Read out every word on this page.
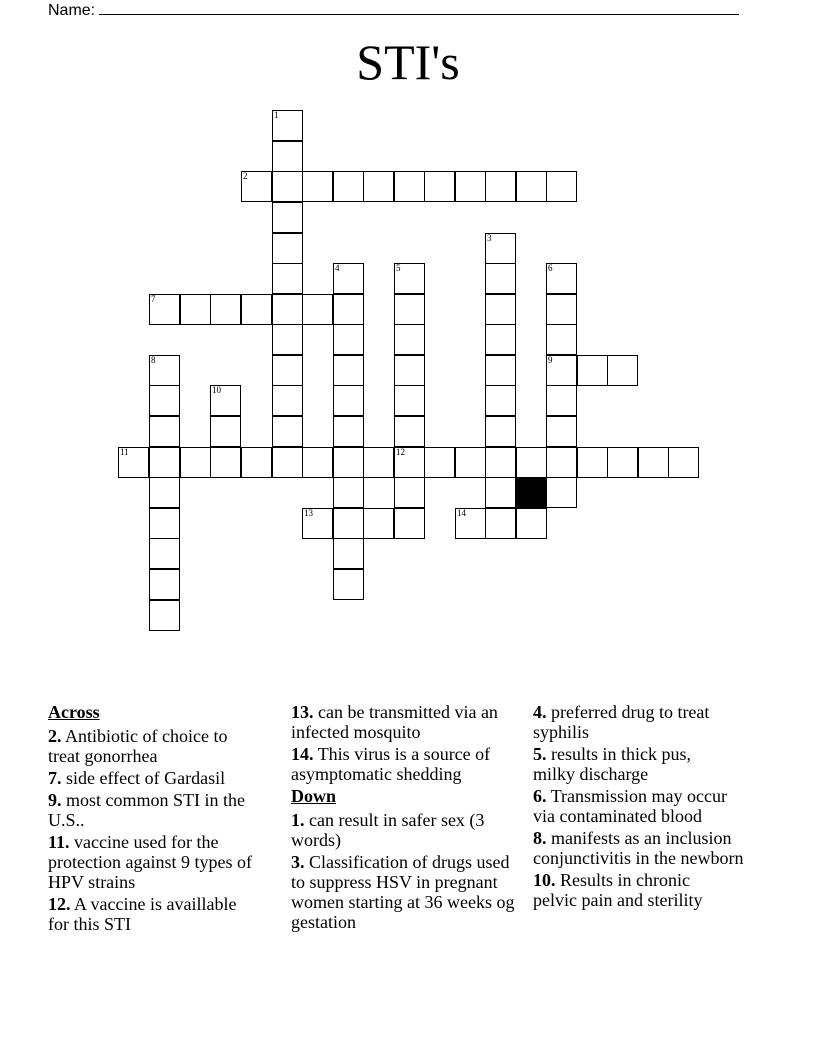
Name:
STI's
1
2
3
4	5	6
9
7
8
10
11	12
13	14
Across
2. Antibiotic of choice to treat gonorrhea
7. side effect of Gardasil
9. most common STI in the U.S..
11. vaccine used for the protection against 9 types of HPV strains
12. A vaccine is availlable for this STI
13. can be transmitted via an infected mosquito
14. This virus is a source of asymptomatic shedding
Down
1. can result in safer sex (3 words)
3. Classification of drugs used to suppress HSV in pregnant women starting at 36 weeks og gestation
4. preferred drug to treat syphilis
5. results in thick pus, milky discharge
6. Transmission may occur via contaminated blood
8. manifests as an inclusion conjunctivitis in the newborn
10. Results in chronic pelvic pain and sterility
